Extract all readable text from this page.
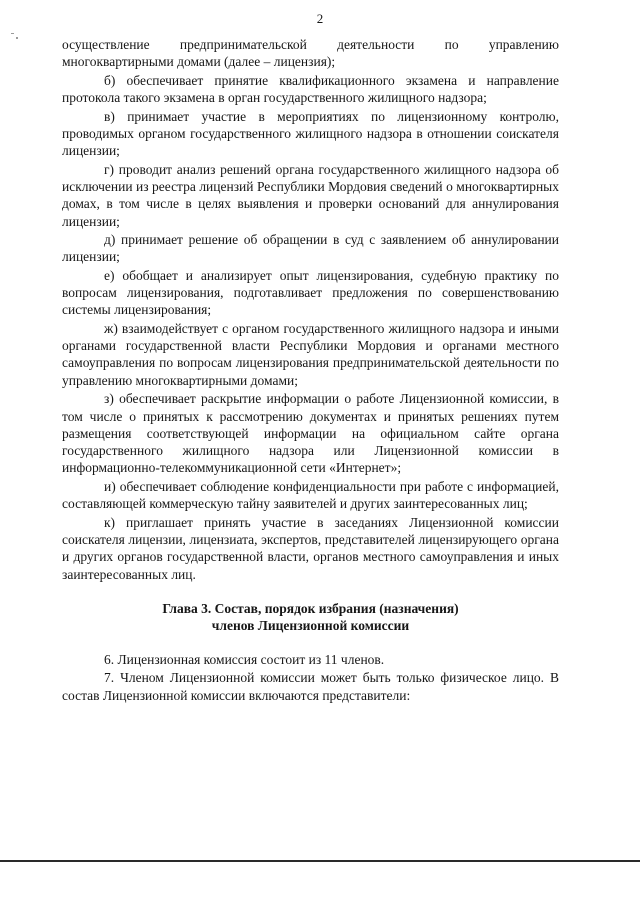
2

осуществление предпринимательской деятельности по управлению многоквартирными домами (далее – лицензия);

б) обеспечивает принятие квалификационного экзамена и направление протокола такого экзамена в орган государственного жилищного надзора;

в) принимает участие в мероприятиях по лицензионному контролю, проводимых органом государственного жилищного надзора в отношении соискателя лицензии;

г) проводит анализ решений органа государственного жилищного надзора об исключении из реестра лицензий Республики Мордовия сведений о многоквартирных домах, в том числе в целях выявления и проверки оснований для аннулирования лицензии;

д) принимает решение об обращении в суд с заявлением об аннулировании лицензии;

е) обобщает и анализирует опыт лицензирования, судебную практику по вопросам лицензирования, подготавливает предложения по совершенствованию системы лицензирования;

ж) взаимодействует с органом государственного жилищного надзора и иными органами государственной власти Республики Мордовия и органами местного самоуправления по вопросам лицензирования предпринимательской деятельности по управлению многоквартирными домами;

з) обеспечивает раскрытие информации о работе Лицензионной комиссии, в том числе о принятых к рассмотрению документах и принятых решениях путем размещения соответствующей информации на официальном сайте органа государственного жилищного надзора или Лицензионной комиссии в информационно-телекоммуникационной сети «Интернет»;

и) обеспечивает соблюдение конфиденциальности при работе с информацией, составляющей коммерческую тайну заявителей и других заинтересованных лиц;

к) приглашает принять участие в заседаниях Лицензионной комиссии соискателя лицензии, лицензиата, экспертов, представителей лицензирующего органа и других органов государственной власти, органов местного самоуправления и иных заинтересованных лиц.

Глава 3. Состав, порядок избрания (назначения)
членов Лицензионной комиссии

6. Лицензионная комиссия состоит из 11 членов.

7. Членом Лицензионной комиссии может быть только физическое лицо. В состав Лицензионной комиссии включаются представители:
